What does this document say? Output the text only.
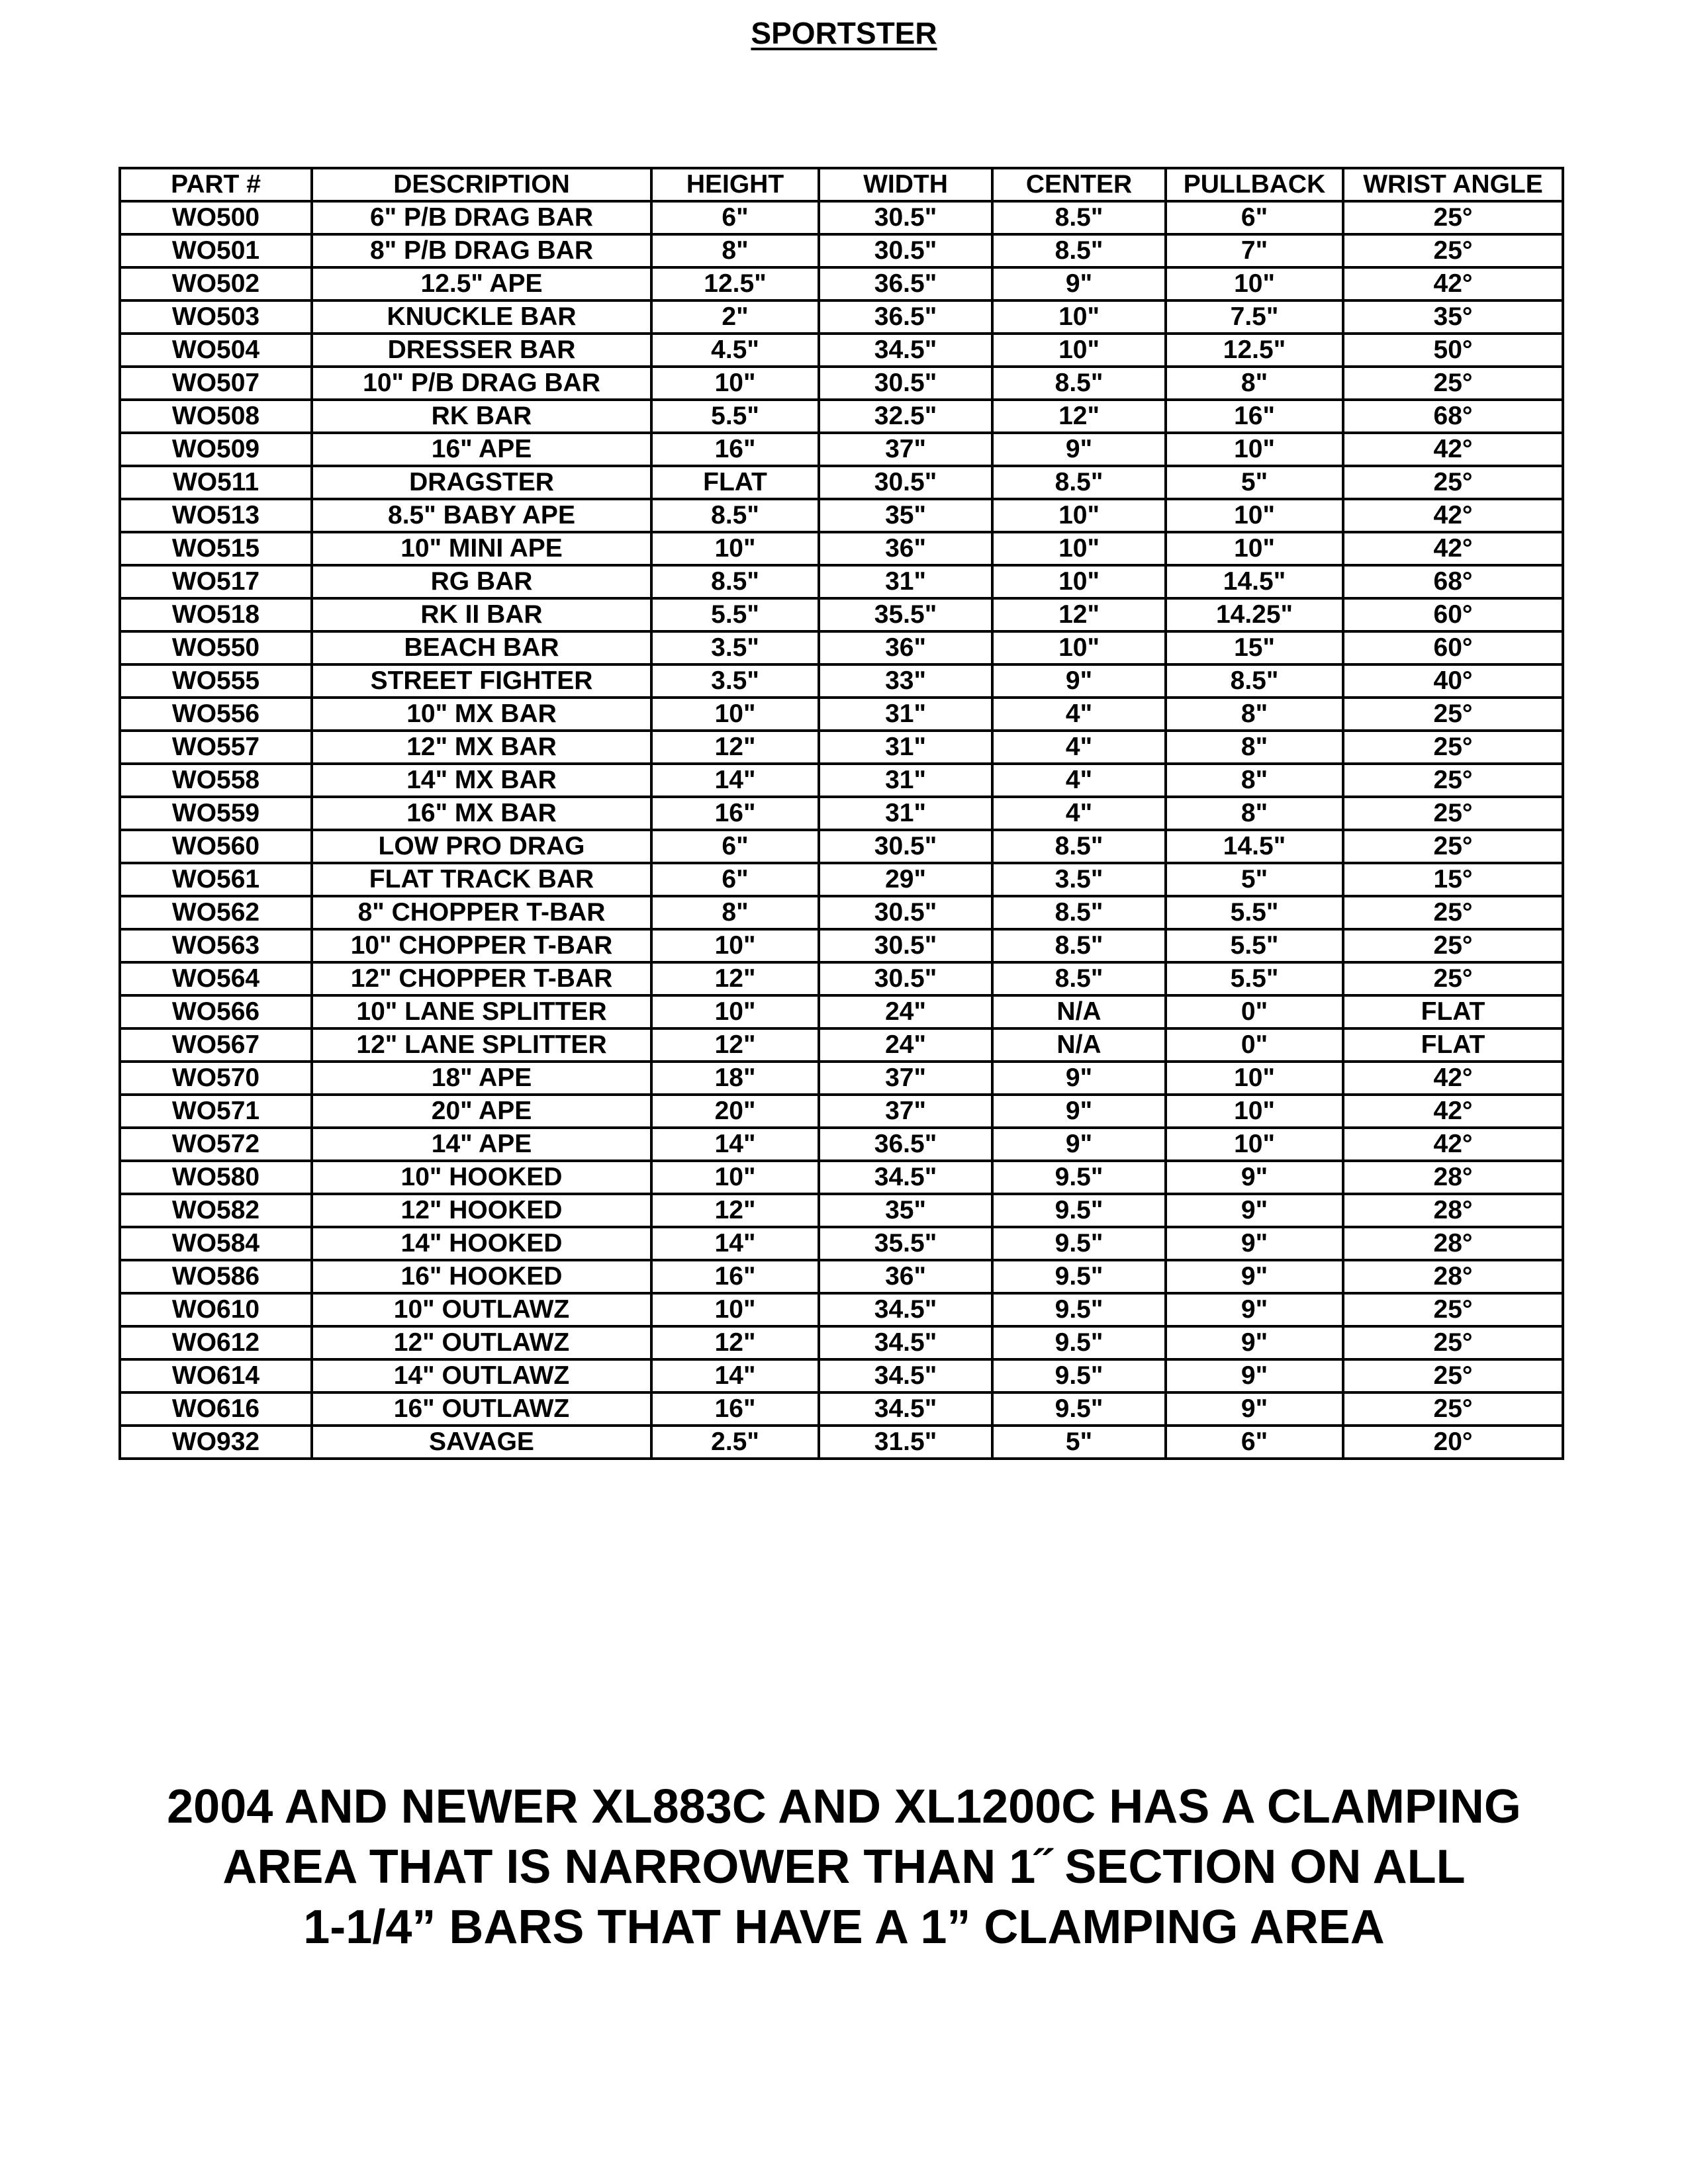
SPORTSTER
PART #	DESCRIPTION	HEIGHT	WIDTH	CENTER	PULLBACK	WRIST ANGLE
WO500	6" P/B DRAG BAR	6"	30.5"	8.5"	6"	25°
WO501	8" P/B DRAG BAR	8"	30.5"	8.5"	7"	25°
WO502	12.5" APE	12.5"	36.5"	9"	10"	42°
WO503	KNUCKLE BAR	2"	36.5"	10"	7.5"	35°
WO504	DRESSER BAR	4.5"	34.5"	10"	12.5"	50°
WO507	10" P/B DRAG BAR	10"	30.5"	8.5"	8"	25°
WO508	RK BAR	5.5"	32.5"	12"	16"	68°
WO509	16" APE	16"	37"	9"	10"	42°
WO511	DRAGSTER	FLAT	30.5"	8.5"	5"	25°
WO513	8.5" BABY APE	8.5"	35"	10"	10"	42°
WO515	10" MINI APE	10"	36"	10"	10"	42°
WO517	RG BAR	8.5"	31"	10"	14.5"	68°
WO518	RK II BAR	5.5"	35.5"	12"	14.25"	60°
WO550	BEACH BAR	3.5"	36"	10"	15"	60°
WO555	STREET FIGHTER	3.5"	33"	9"	8.5"	40°
WO556	10" MX BAR	10"	31"	4"	8"	25°
WO557	12" MX BAR	12"	31"	4"	8"	25°
WO558	14" MX BAR	14"	31"	4"	8"	25°
WO559	16" MX BAR	16"	31"	4"	8"	25°
WO560	LOW PRO DRAG	6"	30.5"	8.5"	14.5"	25°
WO561	FLAT TRACK BAR	6"	29"	3.5"	5"	15°
WO562	8" CHOPPER T-BAR	8"	30.5"	8.5"	5.5"	25°
WO563	10" CHOPPER T-BAR	10"	30.5"	8.5"	5.5"	25°
WO564	12" CHOPPER T-BAR	12"	30.5"	8.5"	5.5"	25°
WO566	10" LANE SPLITTER	10"	24"	N/A	0"	FLAT
WO567	12" LANE SPLITTER	12"	24"	N/A	0"	FLAT
WO570	18" APE	18"	37"	9"	10"	42°
WO571	20" APE	20"	37"	9"	10"	42°
WO572	14" APE	14"	36.5"	9"	10"	42°
WO580	10" HOOKED	10"	34.5"	9.5"	9"	28°
WO582	12" HOOKED	12"	35"	9.5"	9"	28°
WO584	14" HOOKED	14"	35.5"	9.5"	9"	28°
WO586	16" HOOKED	16"	36"	9.5"	9"	28°
WO610	10" OUTLAWZ	10"	34.5"	9.5"	9"	25°
WO612	12" OUTLAWZ	12"	34.5"	9.5"	9"	25°
WO614	14" OUTLAWZ	14"	34.5"	9.5"	9"	25°
WO616	16" OUTLAWZ	16"	34.5"	9.5"	9"	25°
WO932	SAVAGE	2.5"	31.5"	5"	6"	20°
2004 AND NEWER XL883C AND XL1200C HAS A CLAMPING
AREA THAT IS NARROWER THAN 1˝ SECTION ON ALL
1-1/4” BARS THAT HAVE A 1” CLAMPING AREA
